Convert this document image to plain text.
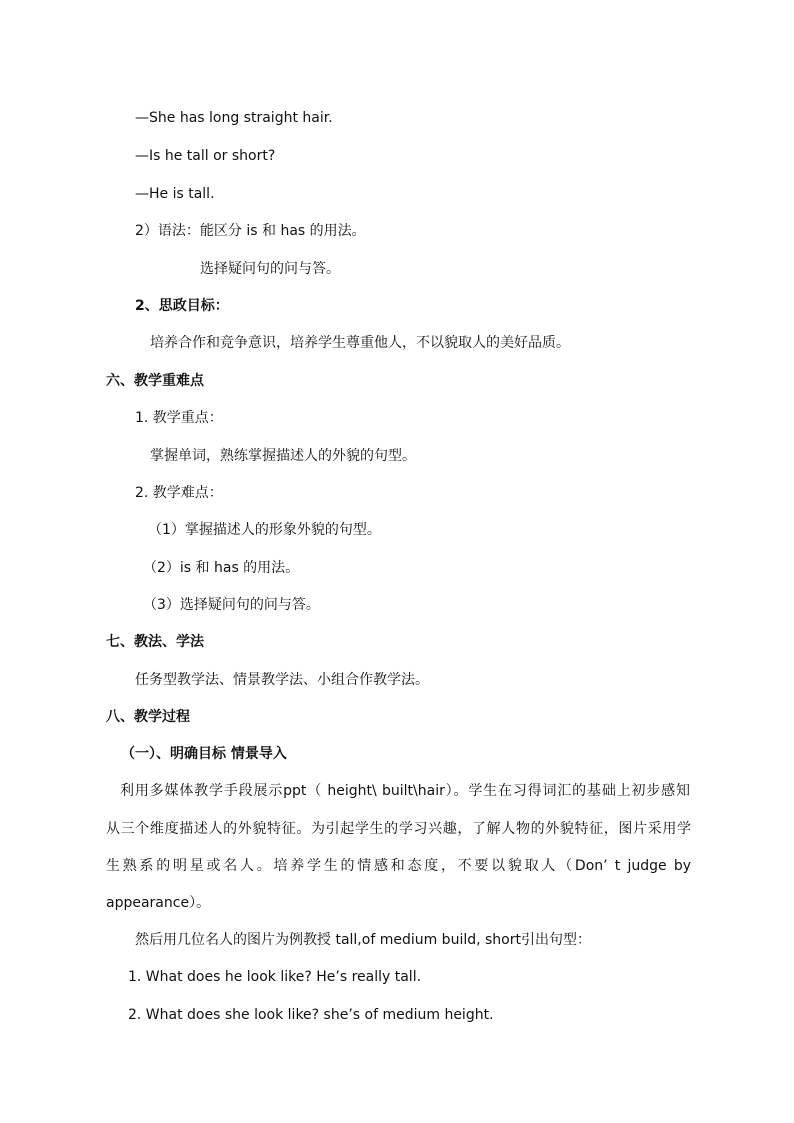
—She has long straight hair.
—Is he tall or short?
—He is tall.
2）语法：能区分 is 和 has 的用法。
选择疑问句的问与答。
2、思政目标：
培养合作和竞争意识，培养学生尊重他人，不以貌取人的美好品质。
六、教学重难点
1. 教学重点：
掌握单词，熟练掌握描述人的外貌的句型。
2. 教学难点：
（1）掌握描述人的形象外貌的句型。
（2）is 和 has 的用法。
（3）选择疑问句的问与答。
七、教法、学法
任务型教学法、情景教学法、小组合作教学法。
八、教学过程
（一）、明确目标 情景导入
利用多媒体教学手段展示ppt（ height\ built\hair）。学生在习得词汇的基础上初步感知
从三个维度描述人的外貌特征。为引起学生的学习兴趣，了解人物的外貌特征，图片采用学
生熟系的明星或名人。培养学生的情感和态度，不要以貌取人（Don’ t judge by
appearance）。
然后用几位名人的图片为例教授 tall,of medium build, short引出句型：
1. What does he look like? He’s really tall.
2. What does she look like? she’s of medium height.
